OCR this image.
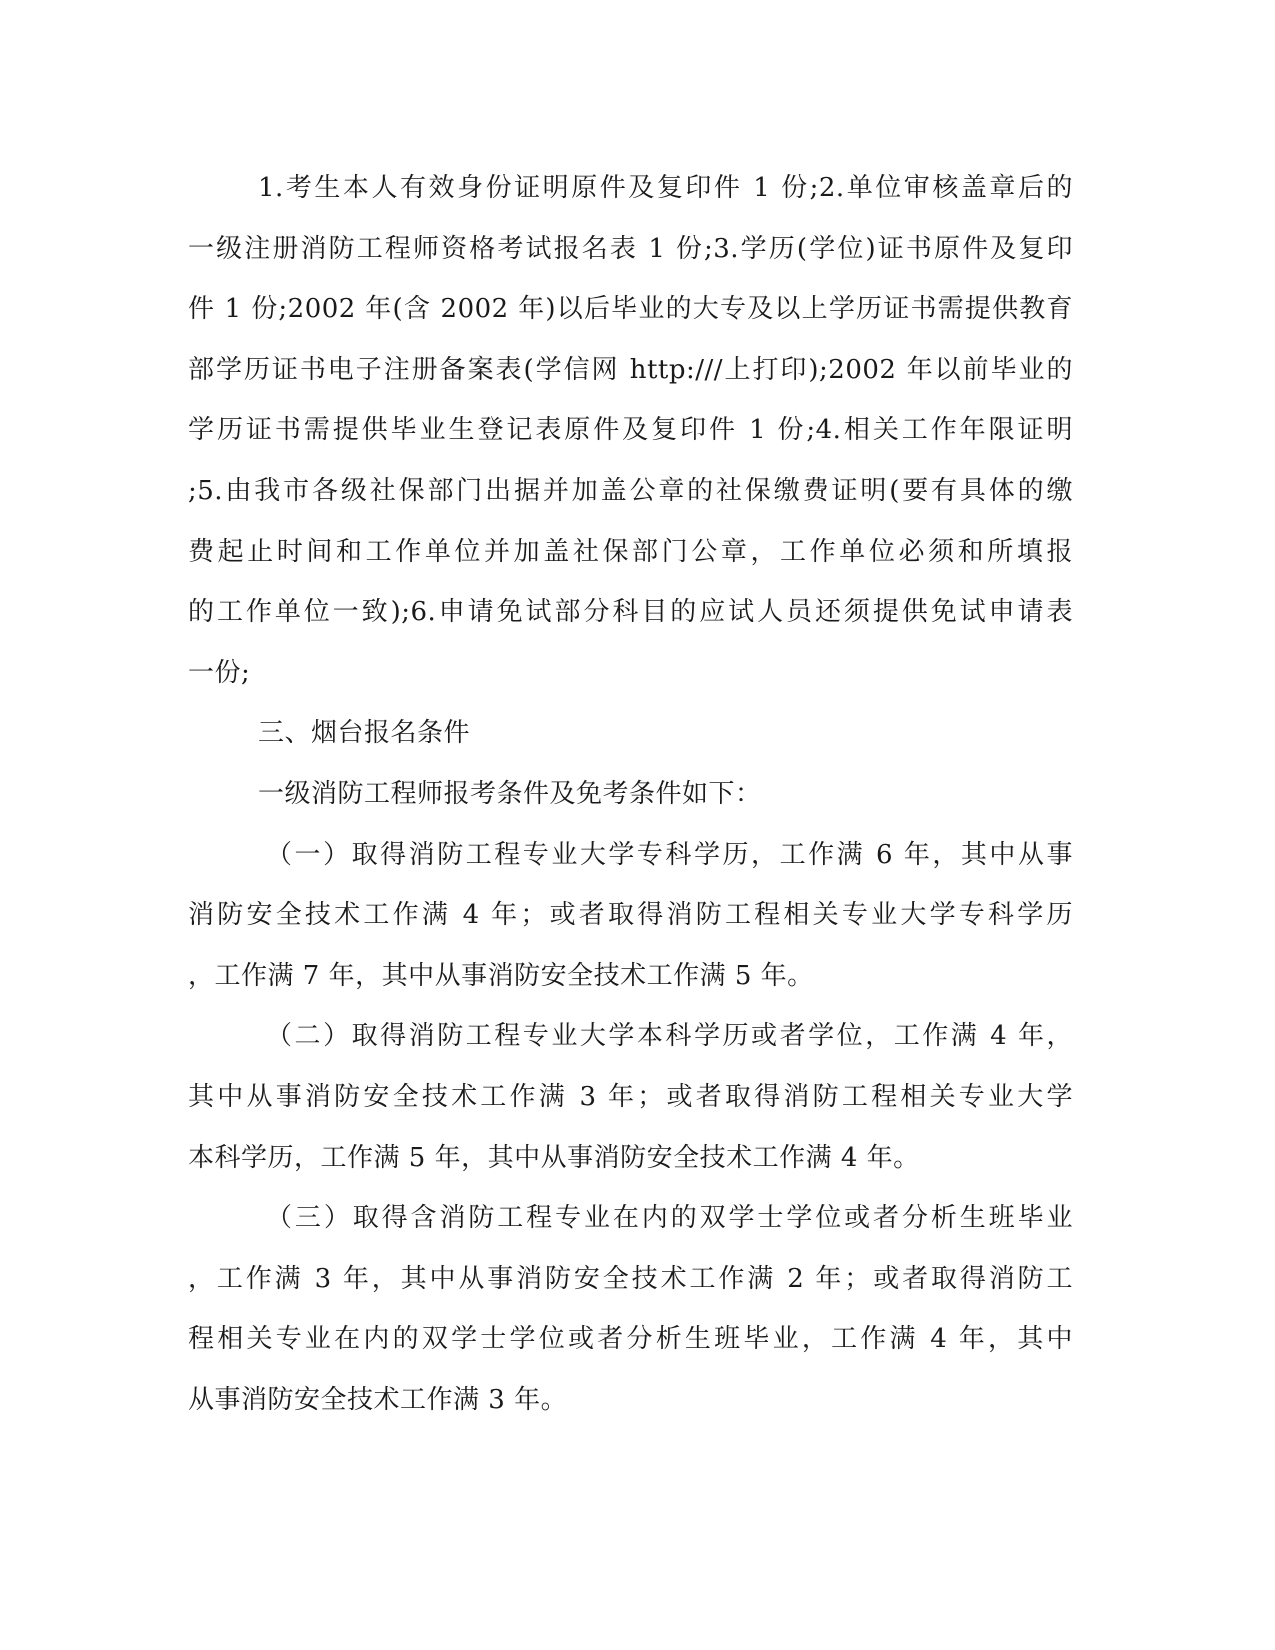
1.考生本人有效身份证明原件及复印件 1 份;2.单位审核盖章后的
一级注册消防工程师资格考试报名表 1 份;3.学历(学位)证书原件及复印
件 1 份;2002 年(含 2002 年)以后毕业的大专及以上学历证书需提供教育
部学历证书电子注册备案表(学信网 http:///上打印);2002 年以前毕业的
学历证书需提供毕业生登记表原件及复印件 1 份;4.相关工作年限证明
;5.由我市各级社保部门出据并加盖公章的社保缴费证明(要有具体的缴
费起止时间和工作单位并加盖社保部门公章，工作单位必须和所填报
的工作单位一致);6.申请免试部分科目的应试人员还须提供免试申请表
一份;
三、烟台报名条件
一级消防工程师报考条件及免考条件如下：
（一）取得消防工程专业大学专科学历，工作满 6 年，其中从事
消防安全技术工作满 4 年；或者取得消防工程相关专业大学专科学历
，工作满 7 年，其中从事消防安全技术工作满 5 年。
（二）取得消防工程专业大学本科学历或者学位，工作满 4 年，
其中从事消防安全技术工作满 3 年；或者取得消防工程相关专业大学
本科学历，工作满 5 年，其中从事消防安全技术工作满 4 年。
（三）取得含消防工程专业在内的双学士学位或者分析生班毕业
，工作满 3 年，其中从事消防安全技术工作满 2 年；或者取得消防工
程相关专业在内的双学士学位或者分析生班毕业，工作满 4 年，其中
从事消防安全技术工作满 3 年。
